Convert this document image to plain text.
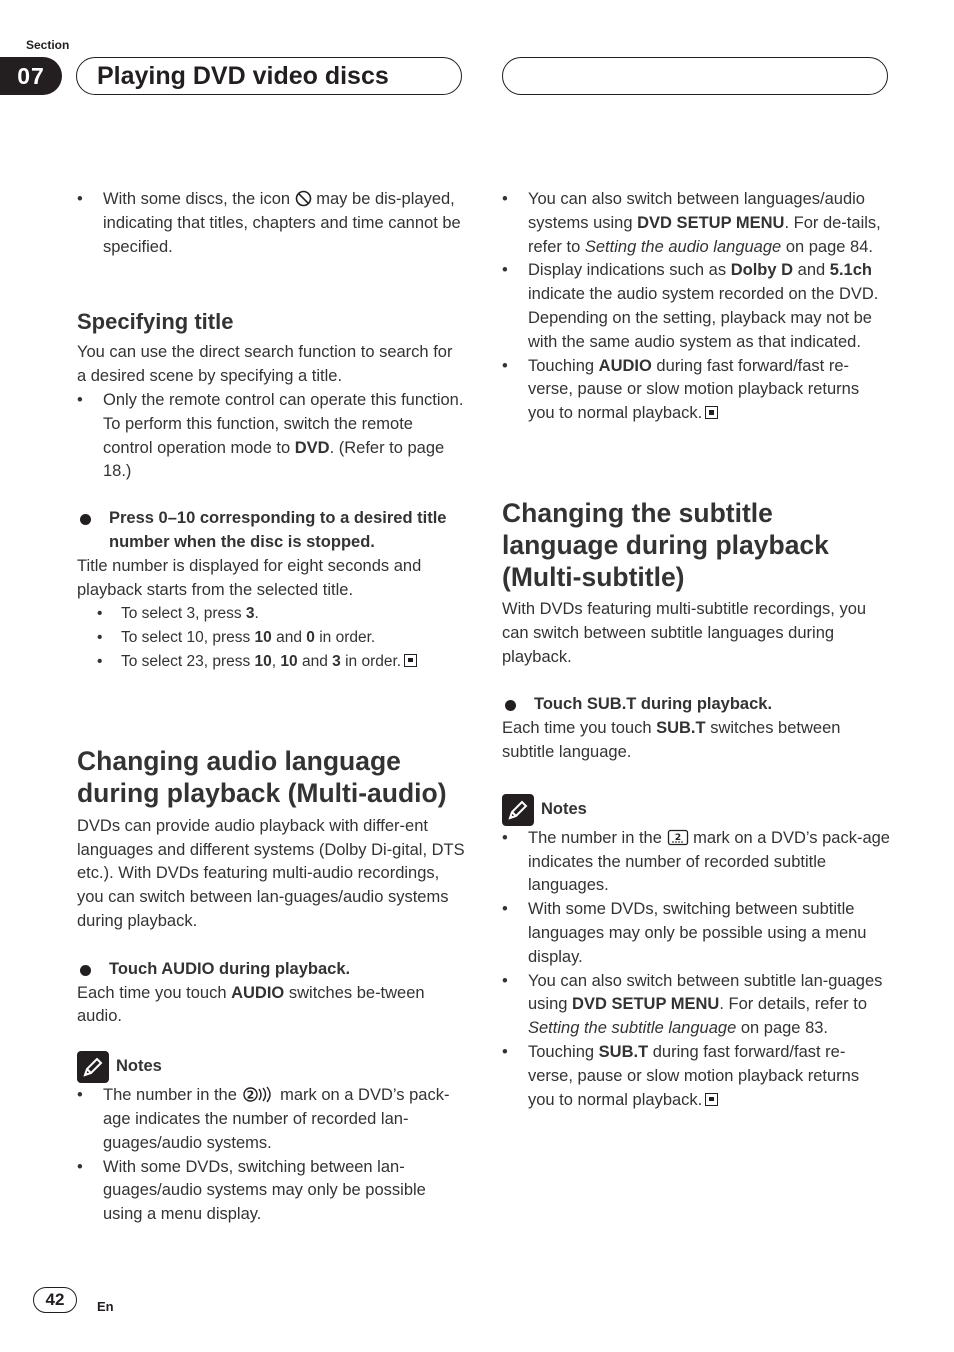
Section
07	Playing DVD video discs
• With some discs, the icon may be dis-played, indicating that titles, chapters and time cannot be specified.
Specifying title

You can use the direct search function to search for a desired scene by specifying a title.

• Only the remote control can operate this function. To perform this function, switch the remote control operation mode to DVD. (Refer to page 18.)
Press 0–10 corresponding to a desired title number when the disc is stopped.

Title number is displayed for eight seconds and playback starts from the selected title.

• To select 3, press 3.
• To select 10, press 10 and 0 in order.
• To select 23, press 10, 10 and 3 in order.
Changing audio language during playback (Multi-audio)

DVDs can provide audio playback with differ-ent languages and different systems (Dolby Di-gital, DTS etc.). With DVDs featuring multi-audio recordings, you can switch between lan-guages/audio systems during playback.

Touch AUDIO during playback.

Each time you touch AUDIO switches be-tween audio.

Notes
• The number in the 2 mark on a DVD’s pack-age indicates the number of recorded lan-guages/audio systems.
• With some DVDs, switching between lan-guages/audio systems may only be possible using a menu display.
• You can also switch between languages/audio systems using DVD SETUP MENU. For de-tails, refer to Setting the audio language on page 84.
• Display indications such as Dolby D and 5.1ch indicate the audio system recorded on the DVD. Depending on the setting, playback may not be with the same audio system as that indicated.
• Touching AUDIO during fast forward/fast re-verse, pause or slow motion playback returns you to normal playback.
Changing the subtitle language during playback (Multi-subtitle)

With DVDs featuring multi-subtitle recordings, you can switch between subtitle languages during playback.

Touch SUB.T during playback.

Each time you touch SUB.T switches between subtitle language.

Notes
• The number in the 2 mark on a DVD’s pack-age indicates the number of recorded subtitle languages.
• With some DVDs, switching between subtitle languages may only be possible using a menu display.
• You can also switch between subtitle lan-guages using DVD SETUP MENU. For details, refer to Setting the subtitle language on page 83.
• Touching SUB.T during fast forward/fast re-verse, pause or slow motion playback returns you to normal playback.
42	En
